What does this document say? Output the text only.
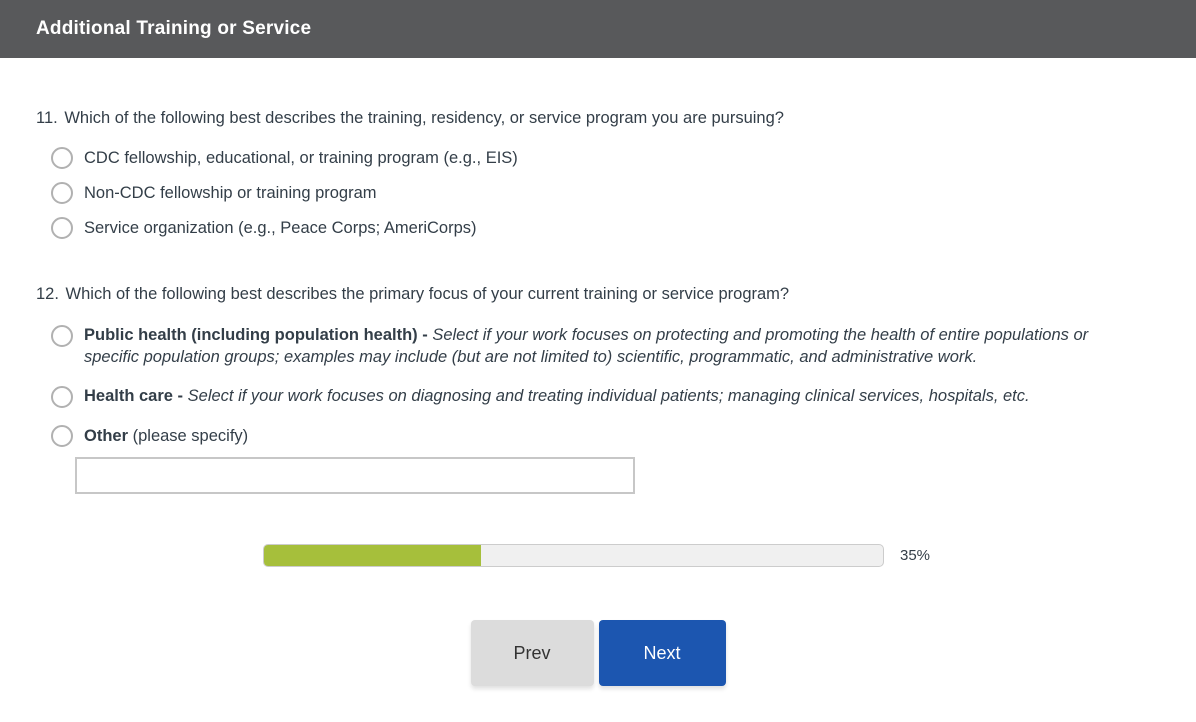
Additional Training or Service
11. Which of the following best describes the training, residency, or service program you are pursuing?
CDC fellowship, educational, or training program (e.g., EIS)
Non-CDC fellowship or training program
Service organization (e.g., Peace Corps; AmeriCorps)
12. Which of the following best describes the primary focus of your current training or service program?
Public health (including population health) - Select if your work focuses on protecting and promoting the health of entire populations or specific population groups; examples may include (but are not limited to) scientific, programmatic, and administrative work.
Health care - Select if your work focuses on diagnosing and treating individual patients; managing clinical services, hospitals, etc.
Other (please specify)
35%
Prev	Next
